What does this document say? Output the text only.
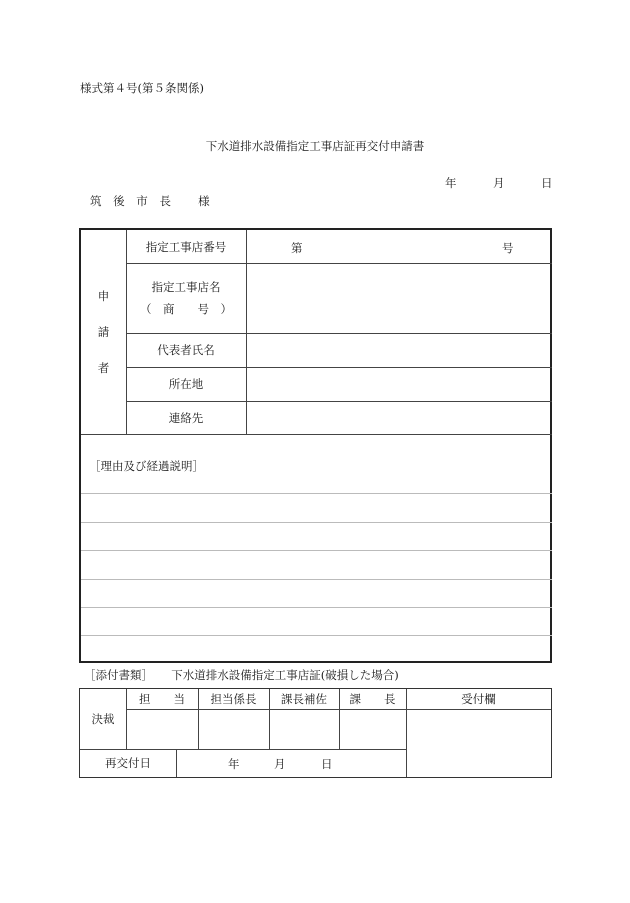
様式第４号(第５条関係)
下水道排水設備指定工事店証再交付申請書
年	月	日
筑 後 市 長　 様
申
請
者
指定工事店番号	第	号
指定工事店名
（　商　　号　）
代表者氏名
所在地
連絡先
［理由及び経過説明］
［添付書類］ 下水道排水設備指定工事店証(破損した場合)
担　　当	担当係長	課長補佐	課　　長	受付欄
決裁
再交付日	年	月	日
